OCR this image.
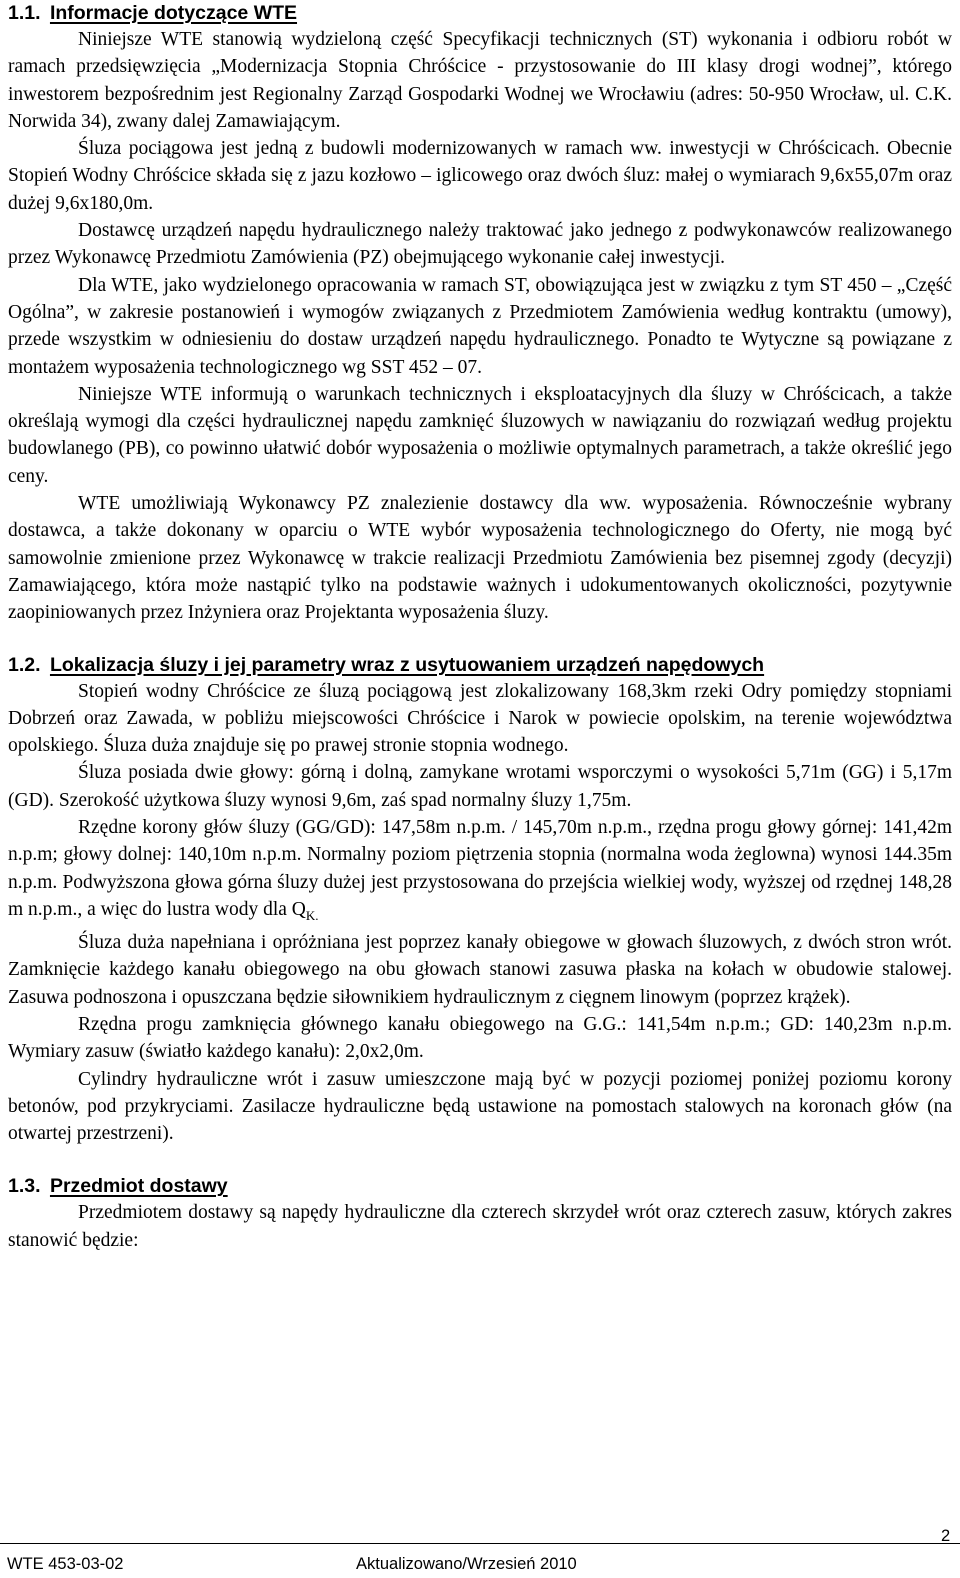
1.1. Informacje dotyczące WTE

Niniejsze WTE stanowią wydzieloną część Specyfikacji technicznych (ST) wykonania i odbioru robót w ramach przedsięwzięcia „Modernizacja Stopnia Chróścice - przystosowanie do III klasy drogi wodnej”, którego inwestorem bezpośrednim jest Regionalny Zarząd Gospodarki Wodnej we Wrocławiu (adres: 50-950 Wrocław, ul. C.K. Norwida 34), zwany dalej Zamawiającym.

Śluza pociągowa jest jedną z budowli modernizowanych w ramach ww. inwestycji w Chróścicach. Obecnie Stopień Wodny Chróścice składa się z jazu kozłowo – iglicowego oraz dwóch śluz: małej o wymiarach 9,6x55,07m oraz dużej 9,6x180,0m.

Dostawcę urządzeń napędu hydraulicznego należy traktować jako jednego z podwykonawców realizowanego przez Wykonawcę Przedmiotu Zamówienia (PZ) obejmującego wykonanie całej inwestycji.

Dla WTE, jako wydzielonego opracowania w ramach ST, obowiązująca jest w związku z tym ST 450 – „Część Ogólna”, w zakresie postanowień i wymogów związanych z Przedmiotem Zamówienia według kontraktu (umowy), przede wszystkim w odniesieniu do dostaw urządzeń napędu hydraulicznego. Ponadto te Wytyczne są powiązane z montażem wyposażenia technologicznego wg SST 452 – 07.

Niniejsze WTE informują o warunkach technicznych i eksploatacyjnych dla śluzy w Chróścicach, a także określają wymogi dla części hydraulicznej napędu zamknięć śluzowych w nawiązaniu do rozwiązań według projektu budowlanego (PB), co powinno ułatwić dobór wyposażenia o możliwie optymalnych parametrach, a także określić jego ceny.

WTE umożliwiają Wykonawcy PZ znalezienie dostawcy dla ww. wyposażenia. Równocześnie wybrany dostawca, a także dokonany w oparciu o WTE wybór wyposażenia technologicznego do Oferty, nie mogą być samowolnie zmienione przez Wykonawcę w trakcie realizacji Przedmiotu Zamówienia bez pisemnej zgody (decyzji) Zamawiającego, która może nastąpić tylko na podstawie ważnych i udokumentowanych okoliczności, pozytywnie zaopiniowanych przez Inżyniera oraz Projektanta wyposażenia śluzy.

1.2. Lokalizacja śluzy i jej parametry wraz z usytuowaniem urządzeń napędowych

Stopień wodny Chróścice ze śluzą pociągową jest zlokalizowany 168,3km rzeki Odry pomiędzy stopniami Dobrzeń oraz Zawada, w pobliżu miejscowości Chróścice i Narok w powiecie opolskim, na terenie województwa opolskiego. Śluza duża znajduje się po prawej stronie stopnia wodnego.

Śluza posiada dwie głowy: górną i dolną, zamykane wrotami wsporczymi o wysokości 5,71m (GG) i 5,17m (GD). Szerokość użytkowa śluzy wynosi 9,6m, zaś spad normalny śluzy 1,75m.

Rzędne korony głów śluzy (GG/GD): 147,58m n.p.m. / 145,70m n.p.m., rzędna progu głowy górnej: 141,42m n.p.m; głowy dolnej: 140,10m n.p.m. Normalny poziom piętrzenia stopnia (normalna woda żeglowna) wynosi 144.35m n.p.m. Podwyższona głowa górna śluzy dużej jest przystosowana do przejścia wielkiej wody, wyższej od rzędnej 148,28 m n.p.m., a więc do lustra wody dla $Q_{K.}$

Śluza duża napełniana i opróżniana jest poprzez kanały obiegowe w głowach śluzowych, z dwóch stron wrót. Zamknięcie każdego kanału obiegowego na obu głowach stanowi zasuwa płaska na kołach w obudowie stalowej. Zasuwa podnoszona i opuszczana będzie siłownikiem hydraulicznym z cięgnem linowym (poprzez krążek).

Rzędna progu zamknięcia głównego kanału obiegowego na G.G.: 141,54m n.p.m.; GD: 140,23m n.p.m. Wymiary zasuw (światło każdego kanału): 2,0x2,0m.

Cylindry hydrauliczne wrót i zasuw umieszczone mają być w pozycji poziomej poniżej poziomu korony betonów, pod przykryciami. Zasilacze hydrauliczne będą ustawione na pomostach stalowych na koronach głów (na otwartej przestrzeni).

1.3. Przedmiot dostawy

Przedmiotem dostawy są napędy hydrauliczne dla czterech skrzydeł wrót oraz czterech zasuw, których zakres stanowić będzie:

WTE 453-03-02	Aktualizowano/Wrzesień 2010
2
